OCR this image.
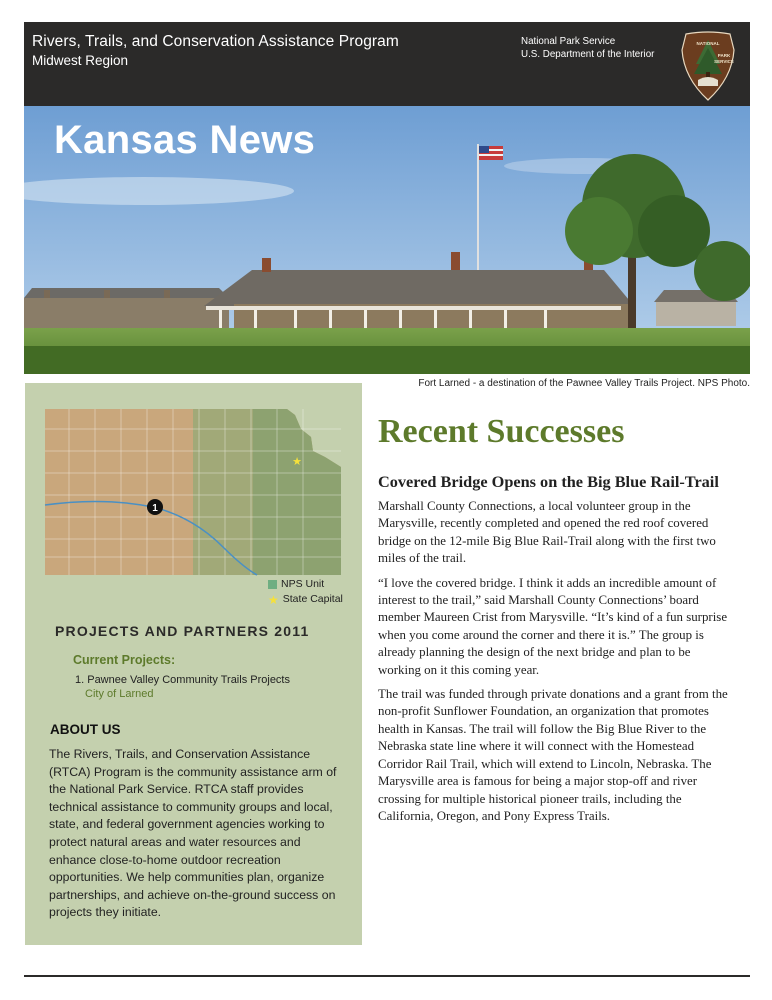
Rivers, Trails, and Conservation Assistance Program
Midwest Region
National Park Service
U.S. Department of the Interior
NATIONAL
PARK
SERVICE
Kansas News
Fort Larned - a destination of the Pawnee Valley Trails Project. NPS Photo.
1
★
NPS Unit
★ State Capital
PROJECTS AND PARTNERS 2011
Current Projects:
1. Pawnee Valley Community Trails Projects
City of Larned
ABOUT US
The Rivers, Trails, and Conservation Assistance (RTCA) Program is the community assistance arm of the National Park Service. RTCA staff provides technical assistance to community groups and local, state, and federal government agencies working to protect natural areas and water resources and enhance close-to-home outdoor recreation opportunities. We help communities plan, organize partnerships, and achieve on-the-ground success on projects they initiate.
Recent Successes
Covered Bridge Opens on the Big Blue Rail-Trail

Marshall County Connections, a local volunteer group in the Marysville, recently completed and opened the red roof covered bridge on the 12-mile Big Blue Rail-Trail along with the first two miles of the trail.

“I love the covered bridge. I think it adds an incredible amount of interest to the trail,” said Marshall County Connections’ board member Maureen Crist from Marysville. “It’s kind of a fun surprise when you come around the corner and there it is.” The group is already planning the design of the next bridge and plan to be working on it this coming year.

The trail was funded through private donations and a grant from the non-profit Sunflower Foundation, an organization that promotes health in Kansas. The trail will follow the Big Blue River to the Nebraska state line where it will connect with the Homestead Corridor Rail Trail, which will extend to Lincoln, Nebraska. The Marysville area is famous for being a major stop-off and river crossing for multiple historical pioneer trails, including the California, Oregon, and Pony Express Trails.
